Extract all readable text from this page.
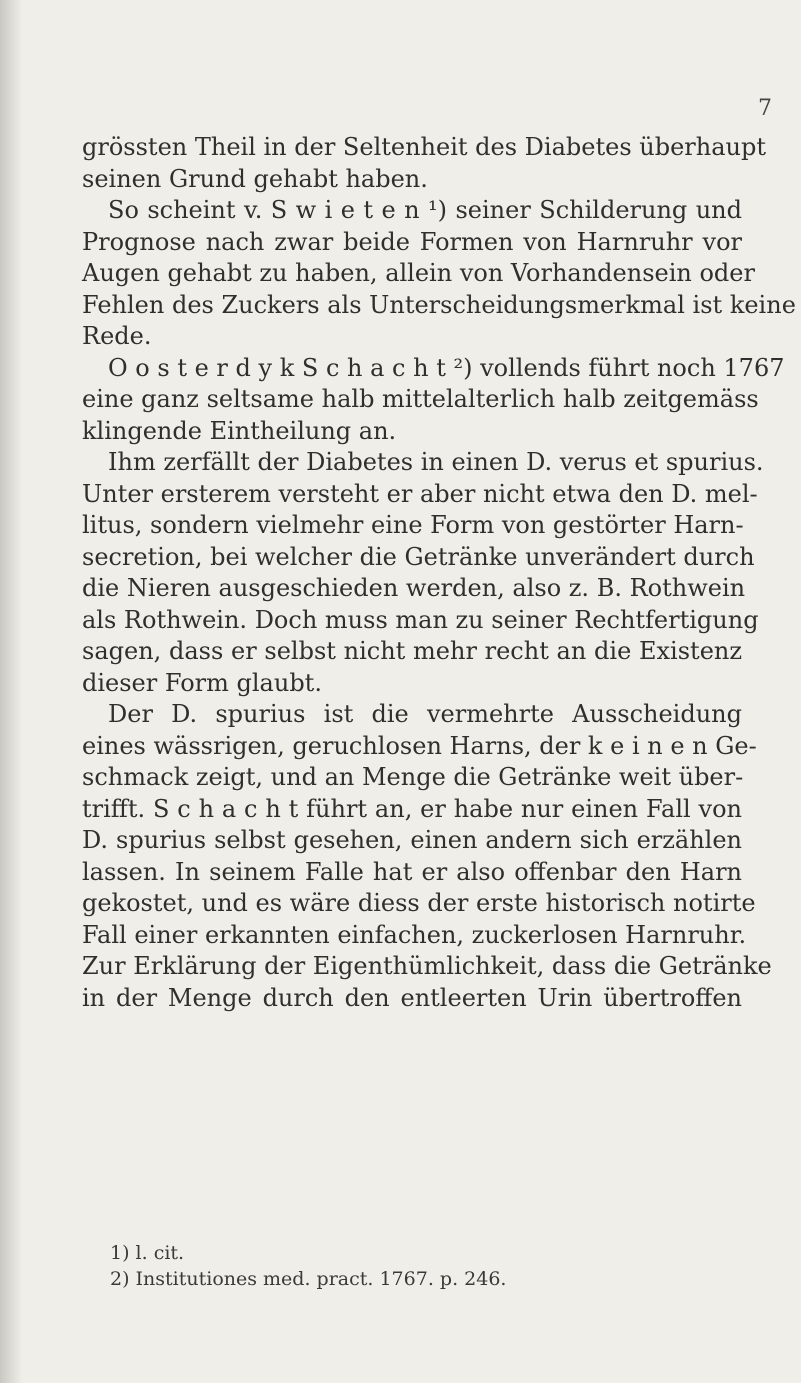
7
grössten Theil in der Seltenheit des Diabetes überhaupt
seinen Grund gehabt haben.
So scheint v. S w i e t e n ¹) seiner Schilderung und
Prognose nach zwar beide Formen von Harnruhr vor
Augen gehabt zu haben, allein von Vorhandensein oder
Fehlen des Zuckers als Unterscheidungsmerkmal ist keine
Rede.
O o s t e r d y k S c h a c h t ²) vollends führt noch 1767
eine ganz seltsame halb mittelalterlich halb zeitgemäss
klingende Eintheilung an.
Ihm zerfällt der Diabetes in einen D. verus et spurius.
Unter ersterem versteht er aber nicht etwa den D. mel-
litus, sondern vielmehr eine Form von gestörter Harn-
secretion, bei welcher die Getränke unverändert durch
die Nieren ausgeschieden werden, also z. B. Rothwein
als Rothwein. Doch muss man zu seiner Rechtfertigung
sagen, dass er selbst nicht mehr recht an die Existenz
dieser Form glaubt.
Der D. spurius ist die vermehrte Ausscheidung
eines wässrigen, geruchlosen Harns, der k e i n e n Ge-
schmack zeigt, und an Menge die Getränke weit über-
trifft. S c h a c h t führt an, er habe nur einen Fall von
D. spurius selbst gesehen, einen andern sich erzählen
lassen. In seinem Falle hat er also offenbar den Harn
gekostet, und es wäre diess der erste historisch notirte
Fall einer erkannten einfachen, zuckerlosen Harnruhr.
Zur Erklärung der Eigenthümlichkeit, dass die Getränke
in der Menge durch den entleerten Urin übertroffen
1) l. cit.
2) Institutiones med. pract. 1767. p. 246.
